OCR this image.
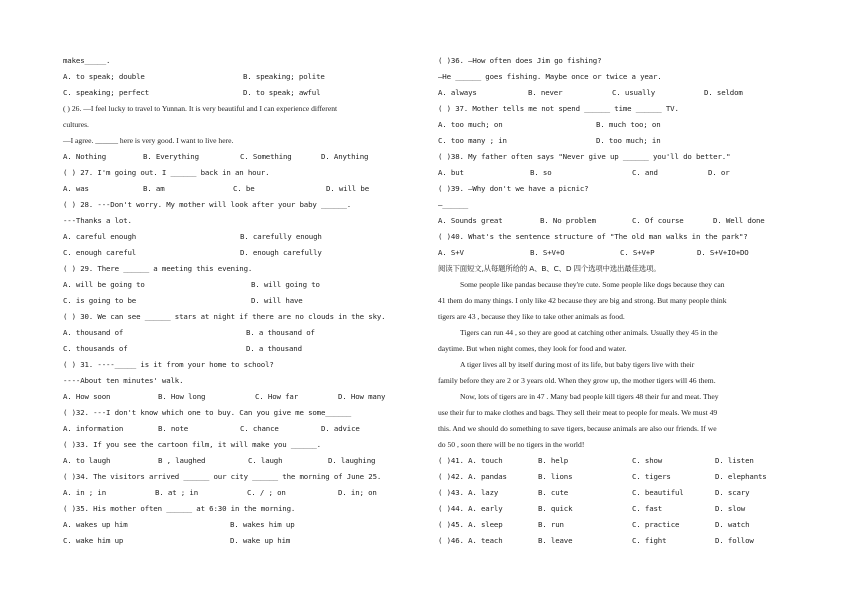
makes_____.
A. to speak; double	B. speaking; polite
C. speaking; perfect	D. to speak; awful
( ) 26. —I feel lucky to travel to Yunnan. It is very beautiful and I can experience different
cultures.
—I agree. ______ here is very good. I want to live here.
A. Nothing	B. Everything	C. Something	D. Anything
( ) 27. I'm going out. I ______ back in an hour.
A. was	B. am	C. be	D. will be
( ) 28. ---Don't worry. My mother will look after your baby ______.
---Thanks a lot.
A. careful enough	B. carefully enough
C. enough careful	D. enough carefully
( ) 29. There ______ a meeting this evening.
A. will be going to	B. will going to
C. is going to be	D. will have
( ) 30. We can see ______ stars at night if there are no clouds in the sky.
A. thousand of	B. a thousand of
C. thousands of	D. a thousand
( ) 31. ----_____ is it from your home to school?
----About ten minutes' walk.
A. How soon	B. How long	C. How far	D. How many
( )32. ---I don't know which one to buy. Can you give me some______
A. information	B. note	C. chance	D. advice
( )33. If you see the cartoon film, it will make you ______.
A. to laugh	B , laughed	C. laugh	D. laughing
( )34. The visitors arrived ______ our city ______ the morning of June 25.
A. in ; in	B. at ; in	C. / ; on	D. in; on
( )35. His mother often ______ at 6:30 in the morning.
A. wakes up him	B. wakes him up
C. wake him up	D. wake up him
( )36. —How often does Jim go fishing?
—He ______ goes fishing. Maybe once or twice a year.
A. always	B. never	C. usually	D. seldom
( ) 37. Mother tells me not spend ______ time ______ TV.
A. too much; on	B. much too; on
C. too many ; in	D. too much; in
( )38. My father often says "Never give up ______ you'll do better."
A. but	B. so	C. and	D. or
( )39. —Why don't we have a picnic?
—______
A. Sounds great	B. No problem	C. Of course	D. Well done
( )40. What's the sentence structure of "The old man walks in the park"?
A. S+V	B. S+V+O	C. S+V+P	D. S+V+IO+DO
阅读下面短文,从每题所给的 A、B、C、D 四个选项中选出最佳选项。
Some people like pandas because they're cute. Some people like dogs because they can
41 them do many things. I only like 42 because they are big and strong. But many people think
tigers are 43 , because they like to take other animals as food.
Tigers can run 44 , so they are good at catching other animals. Usually they 45 in the
daytime. But when night comes, they look for food and water.
A tiger lives all by itself during most of its life, but baby tigers live with their
family before they are 2 or 3 years old. When they grow up, the mother tigers will 46 them.
Now, lots of tigers are in 47 . Many bad people kill tigers 48 their fur and meat. They
use their fur to make clothes and bags. They sell their meat to people for meals. We must 49
this. And we should do something to save tigers, because animals are also our friends. If we
do 50 , soon there will be no tigers in the world!
( )41. A. touch	B. help	C. show	D. listen
( )42. A. pandas	B. lions	C. tigers	D. elephants
( )43. A. lazy	B. cute	C. beautiful	D. scary
( )44. A. early	B. quick	C. fast	D. slow
( )45. A. sleep	B. run	C. practice	D. watch
( )46. A. teach	B. leave	C. fight	D. follow
